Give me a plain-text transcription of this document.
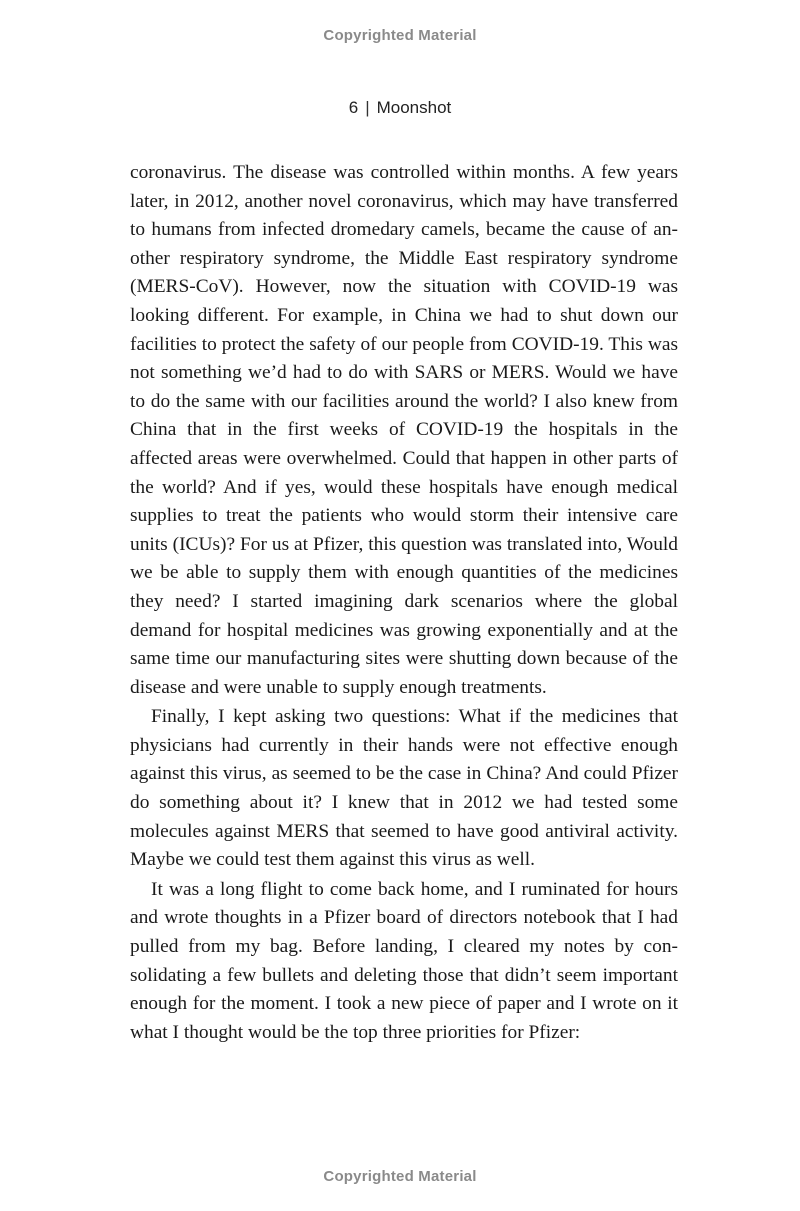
Copyrighted Material
6 | Moonshot

coronavirus. The disease was controlled within months. A few years later, in 2012, another novel coronavirus, which may have transferred to humans from infected dromedary camels, became the cause of another respiratory syndrome, the Middle East respiratory syndrome (MERS-CoV). However, now the situation with COVID-19 was looking different. For example, in China we had to shut down our facilities to protect the safety of our people from COVID-19. This was not something we’d had to do with SARS or MERS. Would we have to do the same with our facilities around the world? I also knew from China that in the first weeks of COVID-19 the hospitals in the affected areas were overwhelmed. Could that happen in other parts of the world? And if yes, would these hospitals have enough medical supplies to treat the patients who would storm their intensive care units (ICUs)? For us at Pfizer, this question was translated into, Would we be able to supply them with enough quantities of the medicines they need? I started imagining dark scenarios where the global demand for hospital medicines was growing exponentially and at the same time our manufacturing sites were shutting down because of the disease and were unable to supply enough treatments.

Finally, I kept asking two questions: What if the medicines that physicians had currently in their hands were not effective enough against this virus, as seemed to be the case in China? And could Pfizer do something about it? I knew that in 2012 we had tested some molecules against MERS that seemed to have good antiviral activity. Maybe we could test them against this virus as well.

It was a long flight to come back home, and I ruminated for hours and wrote thoughts in a Pfizer board of directors notebook that I had pulled from my bag. Before landing, I cleared my notes by consolidating a few bullets and deleting those that didn’t seem important enough for the moment. I took a new piece of paper and I wrote on it what I thought would be the top three priorities for Pfizer:

Copyrighted Material
